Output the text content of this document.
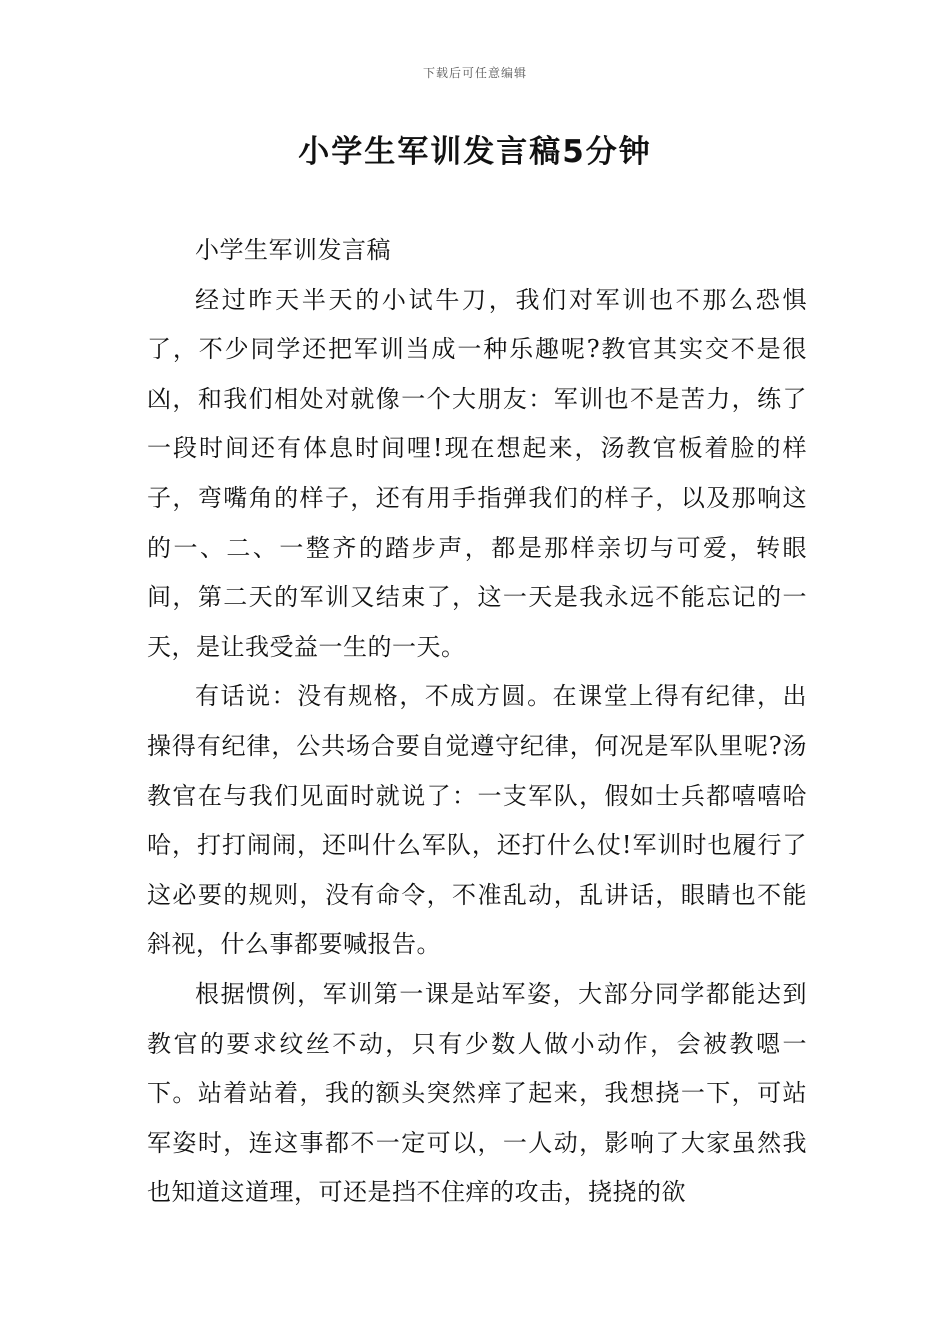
下载后可任意编辑
小学生军训发言稿5分钟

小学生军训发言稿

经过昨天半天的小试牛刀，我们对军训也不那么恐惧了，不少同学还把军训当成一种乐趣呢?教官其实交不是很凶，和我们相处对就像一个大朋友：军训也不是苦力，练了一段时间还有体息时间哩!现在想起来，汤教官板着脸的样子，弯嘴角的样子，还有用手指弹我们的样子，以及那响这的一、二、一整齐的踏步声，都是那样亲切与可爱，转眼间，第二天的军训又结束了，这一天是我永远不能忘记的一天，是让我受益一生的一天。

有话说：没有规格，不成方圆。在课堂上得有纪律，出操得有纪律，公共场合要自觉遵守纪律，何况是军队里呢?汤教官在与我们见面时就说了：一支军队，假如士兵都嘻嘻哈哈，打打闹闹，还叫什么军队，还打什么仗!军训时也履行了这必要的规则，没有命令，不准乱动，乱讲话，眼睛也不能斜视，什么事都要喊报告。

根据惯例，军训第一课是站军姿，大部分同学都能达到教官的要求纹丝不动，只有少数人做小动作，会被教嗯一下。站着站着，我的额头突然痒了起来，我想挠一下，可站军姿时，连这事都不一定可以，一人动，影响了大家虽然我也知道这道理，可还是挡不住痒的攻击，挠挠的欲
